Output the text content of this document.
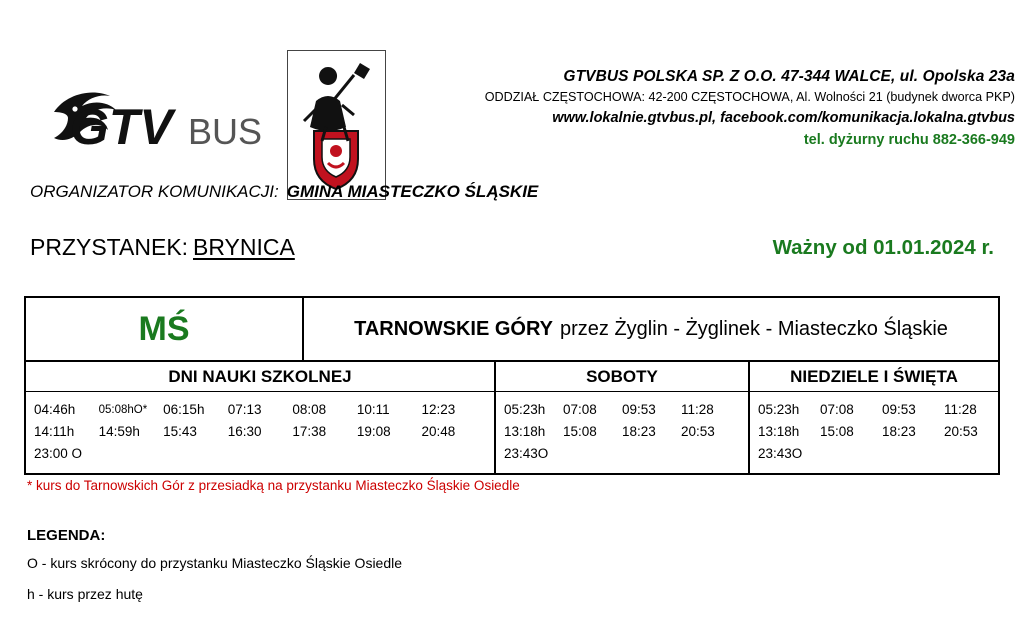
GTV BUS
GTVBUS POLSKA SP. Z O.O. 47-344 WALCE, ul. Opolska 23a
ODDZIAŁ CZĘSTOCHOWA: 42-200 CZĘSTOCHOWA, Al. Wolności 21 (budynek dworca PKP)
www.lokalnie.gtvbus.pl, facebook.com/komunikacja.lokalna.gtvbus
tel. dyżurny ruchu 882-366-949
ORGANIZATOR KOMUNIKACJI: GMINA MIASTECZKO ŚLĄSKIE
PRZYSTANEK: BRYNICA	Ważny od 01.01.2024 r.
MŚ	TARNOWSKIE GÓRY przez Żyglin - Żyglinek - Miasteczko Śląskie
DNI NAUKI SZKOLNEJ	SOBOTY	NIEDZIELE I ŚWIĘTA
04:46h	05:08hO*	06:15h	07:13	08:08	10:11	12:23
14:11h	14:59h	15:43	16:30	17:38	19:08	20:48
23:00 O
05:23h	07:08	09:53	11:28
13:18h	15:08	18:23	20:53
23:43O
05:23h	07:08	09:53	11:28
13:18h	15:08	18:23	20:53
23:43O
* kurs do Tarnowskich Gór z przesiadką na przystanku Miasteczko Śląskie Osiedle
LEGENDA:
O - kurs skrócony do przystanku Miasteczko Śląskie Osiedle
h - kurs przez hutę
